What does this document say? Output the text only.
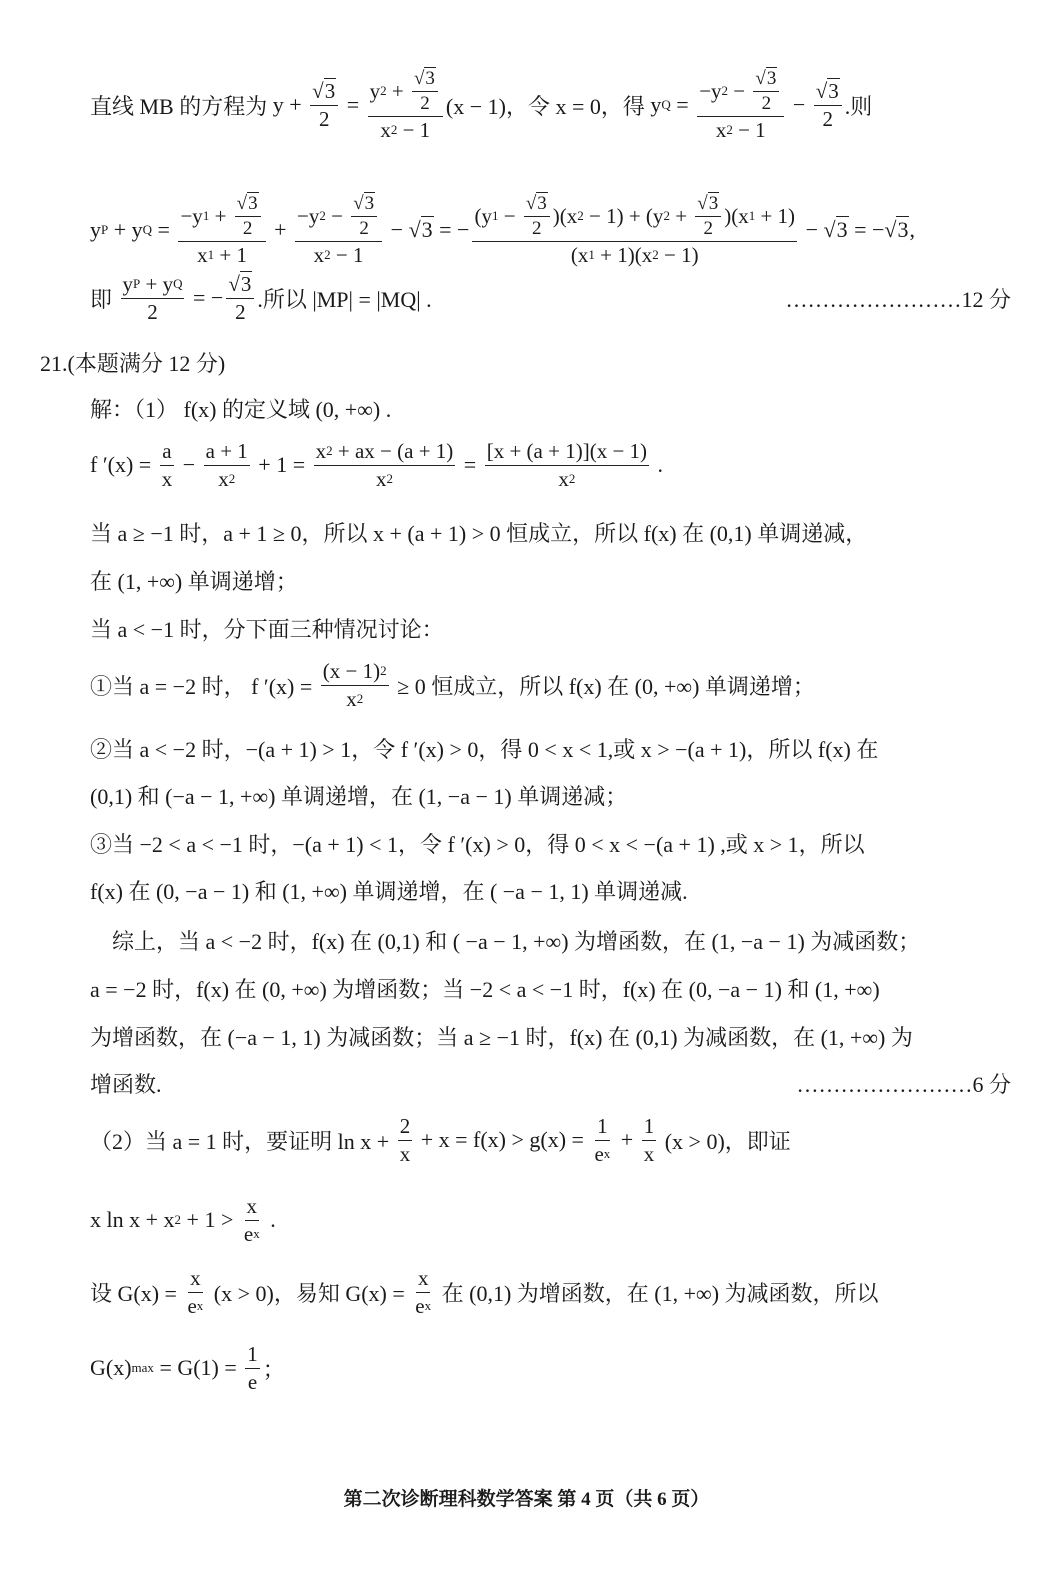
直线 MB 的方程为 $y + \frac{√3}{2} = \frac{y 2 + \frac{√3}{2}}{x 2 - 1} (x - 1)$，令 x = 0，得 y $Q = \frac{-y 2 - \frac{√3}{2}}{x 2 - 1} - \frac{√3}{2}$ .则
y P + y $Q = \frac{-y 1 + \frac{√3}{2}}{x 1 + 1} + \frac{-y 2 - \frac{√3}{2}}{x 2 - 1} - √3$ = − $\frac{(y 1 - \frac{√3}{2} )(x 2 - 1) + (y 2 + \frac{√3}{2} )(x 1 + 1)}{(x 1 + 1)(x 2 - 1)} - √3$ = − √3 ,
即 $\frac{\text{y P + y Q}}{2}$ = − $\frac{√3}{2}$ .所以 |MP| = |MQ| .	……………………12 分
21.(本题满分 12 分)
解：（1） f(x) 的定义域 (0, +∞) .
f $'(x) = \frac{a}{x} - \frac{a + 1}{x 2} + 1 = \frac{x 2 + ax - (a + 1)}{x 2} = \frac{[x + (a + 1)](x - 1)}{x 2}$ .
当 a ≥ −1 时，a + 1 ≥ 0，所以 x + (a + 1) > 0 恒成立，所以 f(x) 在 (0,1) 单调递减，
在 (1, +∞) 单调递增；
当 a < −1 时，分下面三种情况讨论：
①当 a = −2 时， f $'(x) = \frac{(x - 1) 2}{x 2} \ge 0$ 恒成立，所以 f(x) 在 (0, +∞) 单调递增；
②当 a < −2 时，−(a + 1) > 1，令 f ′(x) > 0，得 0 < x < 1,或 x > −(a + 1)，所以 f(x) 在
(0,1) 和 (−a − 1, +∞) 单调递增，在 (1, −a − 1) 单调递减；
③当 −2 < a < −1 时，−(a + 1) < 1，令 f ′(x) > 0，得 0 < x < −(a + 1) ,或 x > 1，所以
f(x) 在 (0, −a − 1) 和 (1, +∞) 单调递增，在 ( −a − 1, 1) 单调递减.
　综上，当 a < −2 时，f(x) 在 (0,1) 和 ( −a − 1, +∞) 为增函数，在 (1, −a − 1) 为减函数；
a = −2 时，f(x) 在 (0, +∞) 为增函数；当 −2 < a < −1 时，f(x) 在 (0, −a − 1) 和 (1, +∞)
为增函数，在 (−a − 1, 1) 为减函数；当 a ≥ −1 时，f(x) 在 (0,1) 为减函数，在 (1, +∞) 为
增函数.	……………………6 分
（2）当 a = 1 时，要证明 $\ln x + \frac{2}{x} + x = f(x) > g(x) = \frac{1}{\text{e x}} + \frac{1}{x} (x > 0)$，即证
x ln x + x $2 + 1 > \frac{x}{\text{e x}}$ .
设 $G(x) = \frac{x}{\text{e x}} (x > 0)$，易知 $G(x) = \frac{x}{\text{e x}}$ 在 (0,1) 为增函数，在 (1, +∞) 为减函数，所以
G(x) $\max = G(1) = \frac{1}{e}$ ；
第二次诊断理科数学答案 第 4 页（共 6 页）
